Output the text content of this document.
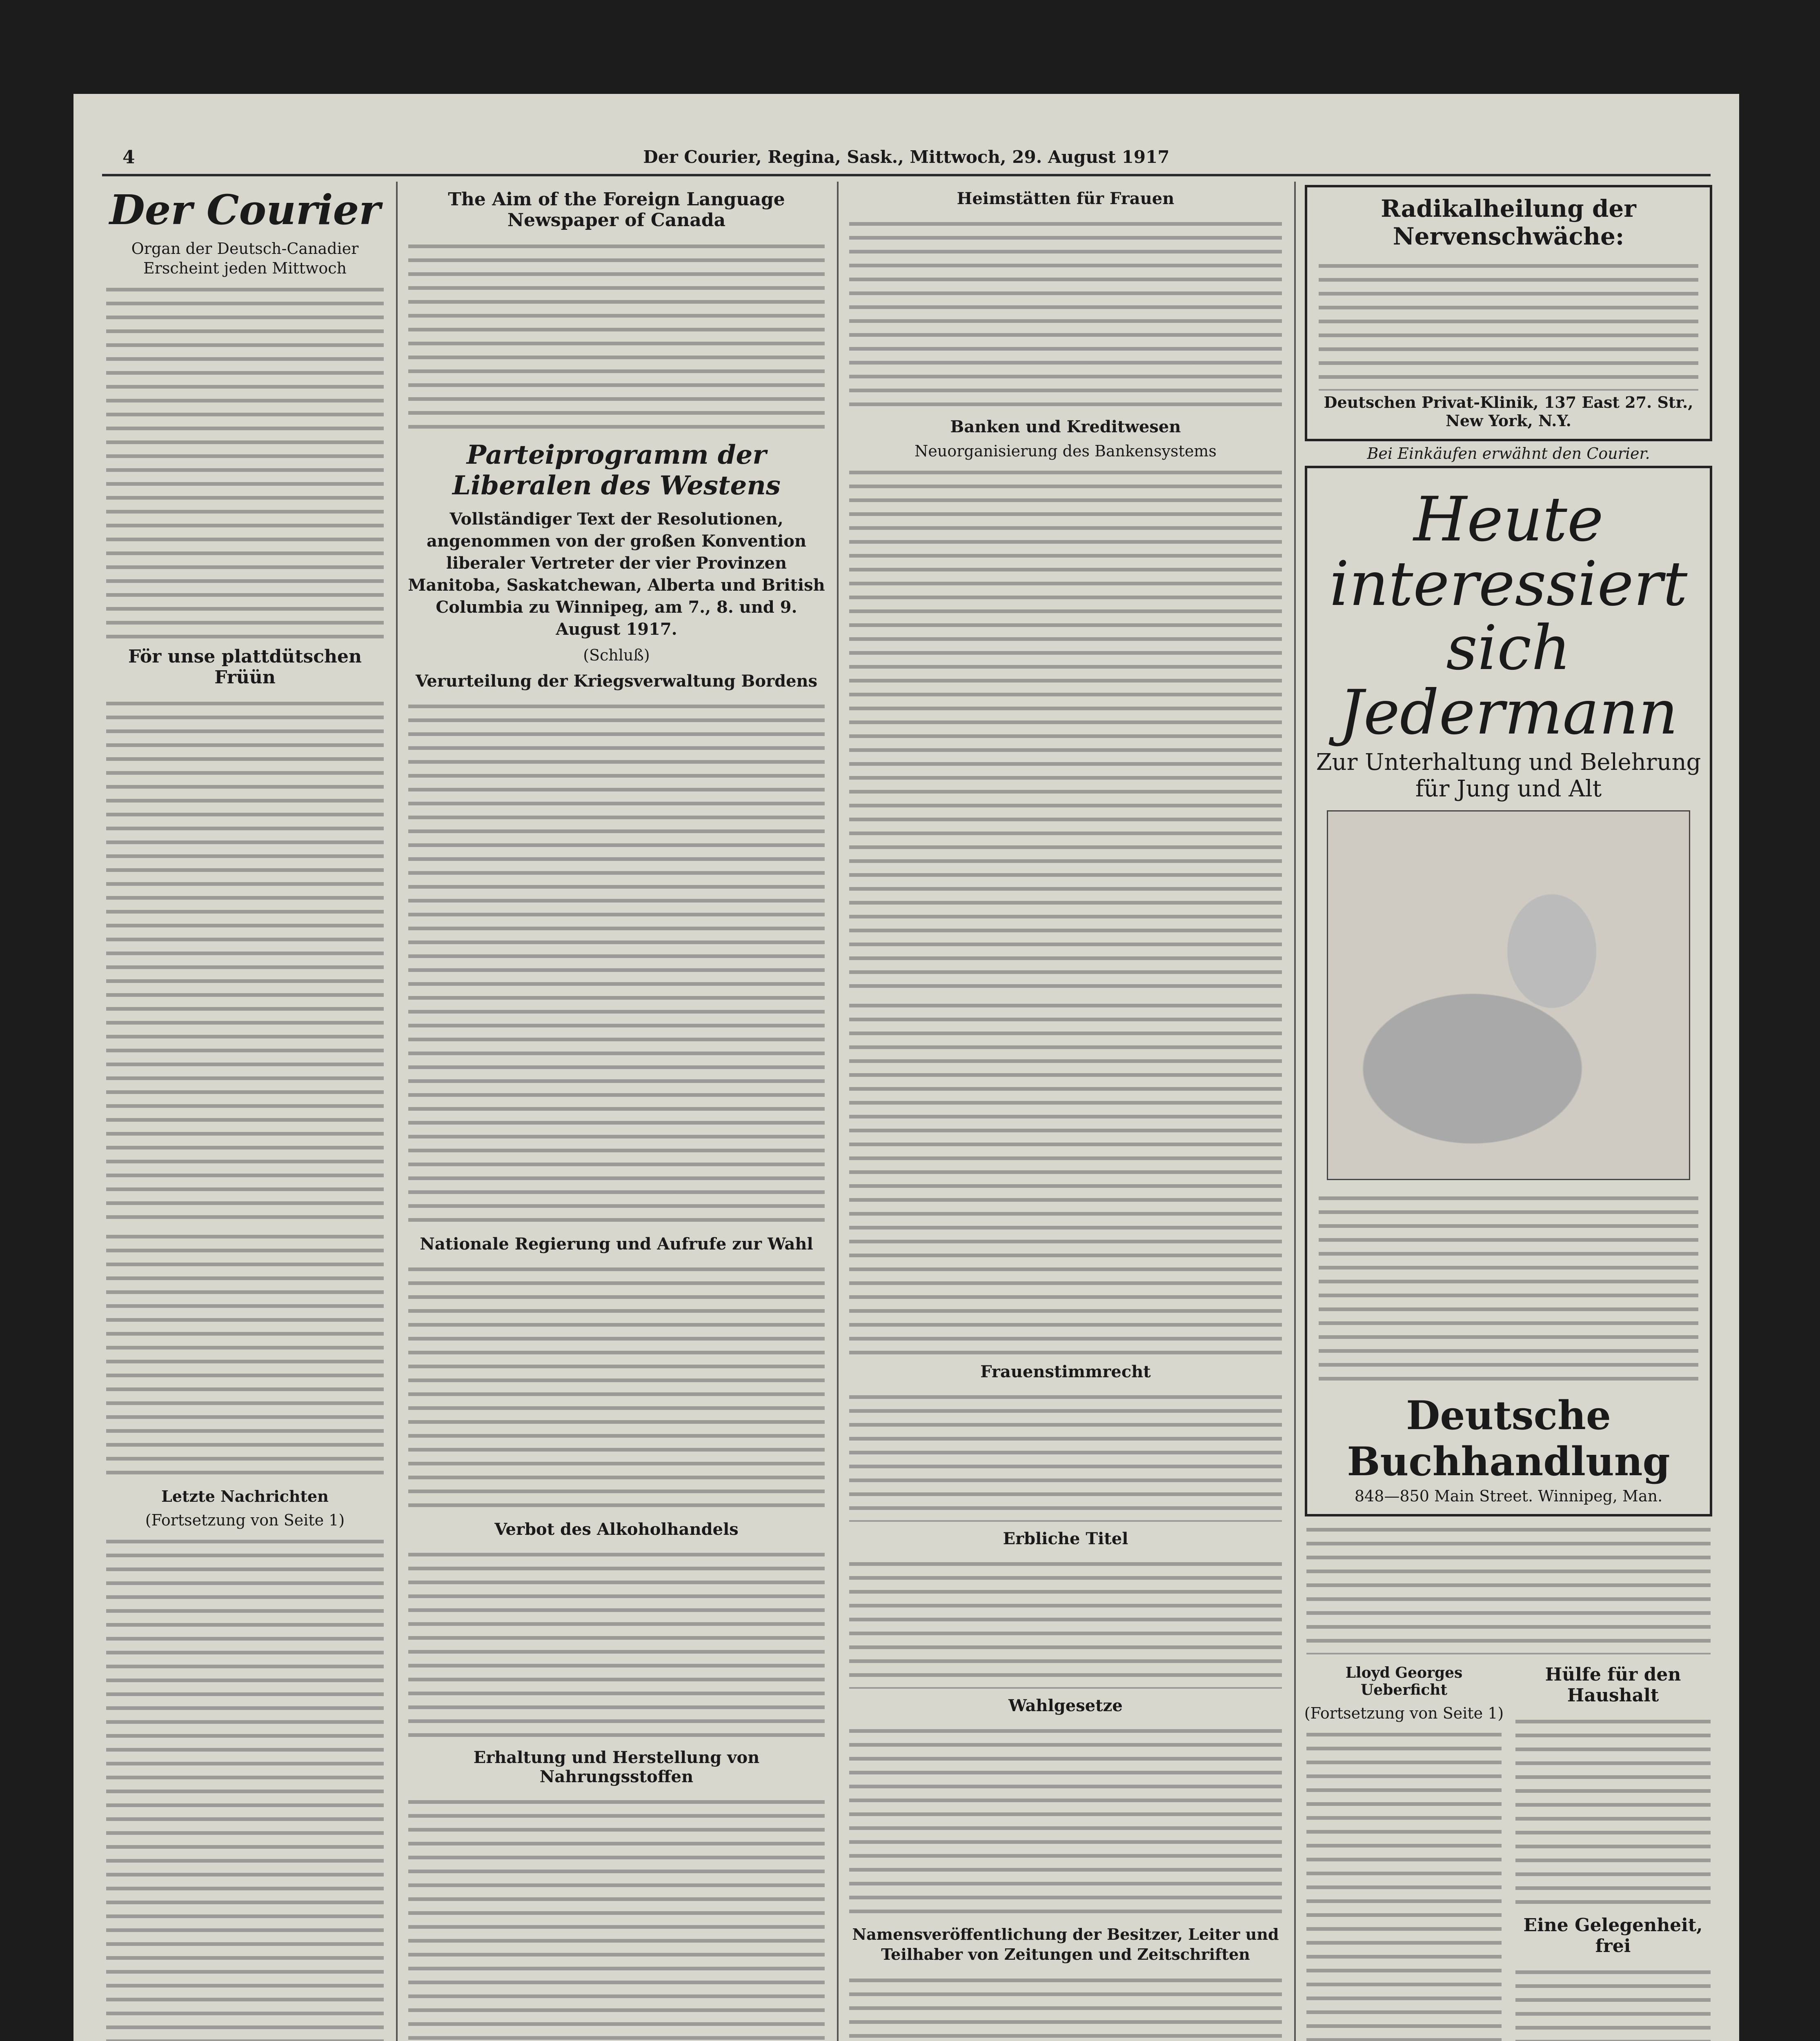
4	Der Courier, Regina, Sask., Mittwoch, 29. August 1917
Der Courier
Organ der Deutsch-Canadier
Erscheint jeden Mittwoch
För unse plattdütschen Früün
Letzte Nachrichten
(Fortsetzung von Seite 1)
The Aim of the Foreign Language Newspaper of Canada
Parteiprogramm der Liberalen des Westens
Vollständiger Text der Resolutionen, angenommen von der großen Konvention liberaler Vertreter der vier Provinzen Manitoba, Saskatchewan, Alberta und British Columbia zu Winnipeg, am 7., 8. und 9. August 1917.
(Schluß)
Verurteilung der Kriegsverwaltung Bordens
Nationale Regierung und Aufrufe zur Wahl
Verbot des Alkoholhandels
Erhaltung und Herstellung von Nahrungsstoffen
Heimstätten für Frauen
Banken und Kreditwesen
Neuorganisierung des Bankensystems
Frauenstimmrecht
Erbliche Titel
Wahlgesetze
Namensveröffentlichung der Besitzer, Leiter und Teilhaber von Zeitungen und Zeitschriften
Radikalheilung der Nervenschwäche:
Deutschen Privat-Klinik, 137 East 27. Str., New York, N.Y.
Bei Einkäufen erwähnt den Courier.
Heute interessiert sich Jedermann
Zur Unterhaltung und Belehrung für Jung und Alt
Deutsche Buchhandlung
848—850 Main Street. Winnipeg, Man.
Lloyd Georges Ueberficht
(Fortsetzung von Seite 1)
Hülfe für den Haushalt
Eine Gelegenheit, frei
